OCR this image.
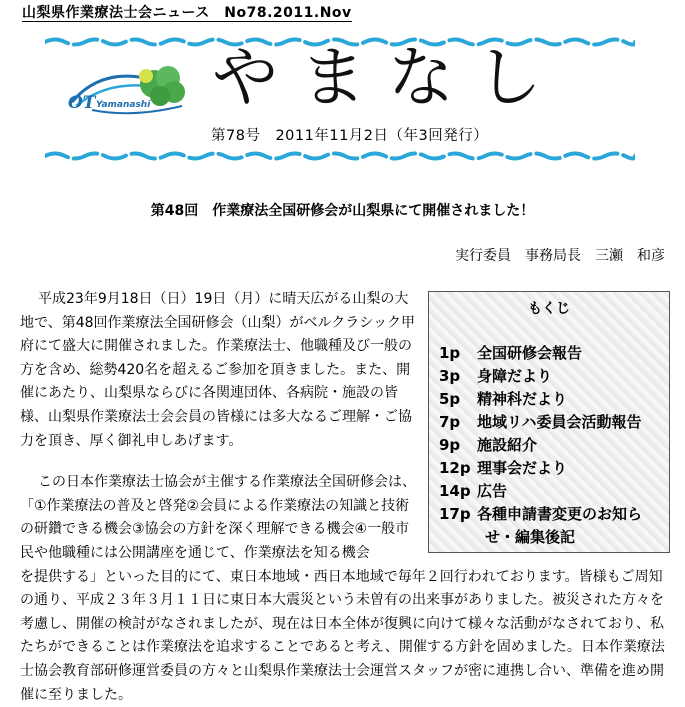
山梨県作業療法士会ニュース　No78.2011.Nov
OT Yamanashi やまなし
第78号　2011年11月2日（年3回発行）
第48回　作業療法全国研修会が山梨県にて開催されました！
実行委員　事務局長　三瀬　和彦

平成23年9月18日（日）19日（月）に晴天広がる山梨の大地で、第48回作業療法全国研修会（山梨）がベルクラシック甲府にて盛大に開催されました。作業療法士、他職種及び一般の方を含め、総勢420名を超えるご参加を頂きました。また、開催にあたり、山梨県ならびに各関連団体、各病院・施設の皆様、山梨県作業療法士会会員の皆様には多大なるご理解・ご協力を頂き、厚く御礼申しあげます。

この日本作業療法士協会が主催する作業療法全国研修会は、「①作業療法の普及と啓発②会員による作業療法の知識と技術の研鑽できる機会③協会の方針を深く理解できる機会④一般市民や他職種には公開講座を通じて、作業療法を知る機会

を提供する」といった目的にて、東日本地域・西日本地域で毎年２回行われております。皆様もご周知の通り、平成２３年３月１１日に東日本大震災という未曽有の出来事がありました。被災された方々を考慮し、開催の検討がなされましたが、現在は日本全体が復興に向けて様々な活動がなされており、私たちができることは作業療法を追求することであると考え、開催する方針を固めました。日本作業療法士協会教育部研修運営委員の方々と山梨県作業療法士会運営スタッフが密に連携し合い、準備を進め開催に至りました。

もくじ
1p 全国研修会報告
3p 身障だより
5p 精神科だより
7p 地域リハ委員会活動報告
9p 施設紹介
12p 理事会だより
14p 広告
17p 各種申請書変更のお知ら
せ・編集後記
